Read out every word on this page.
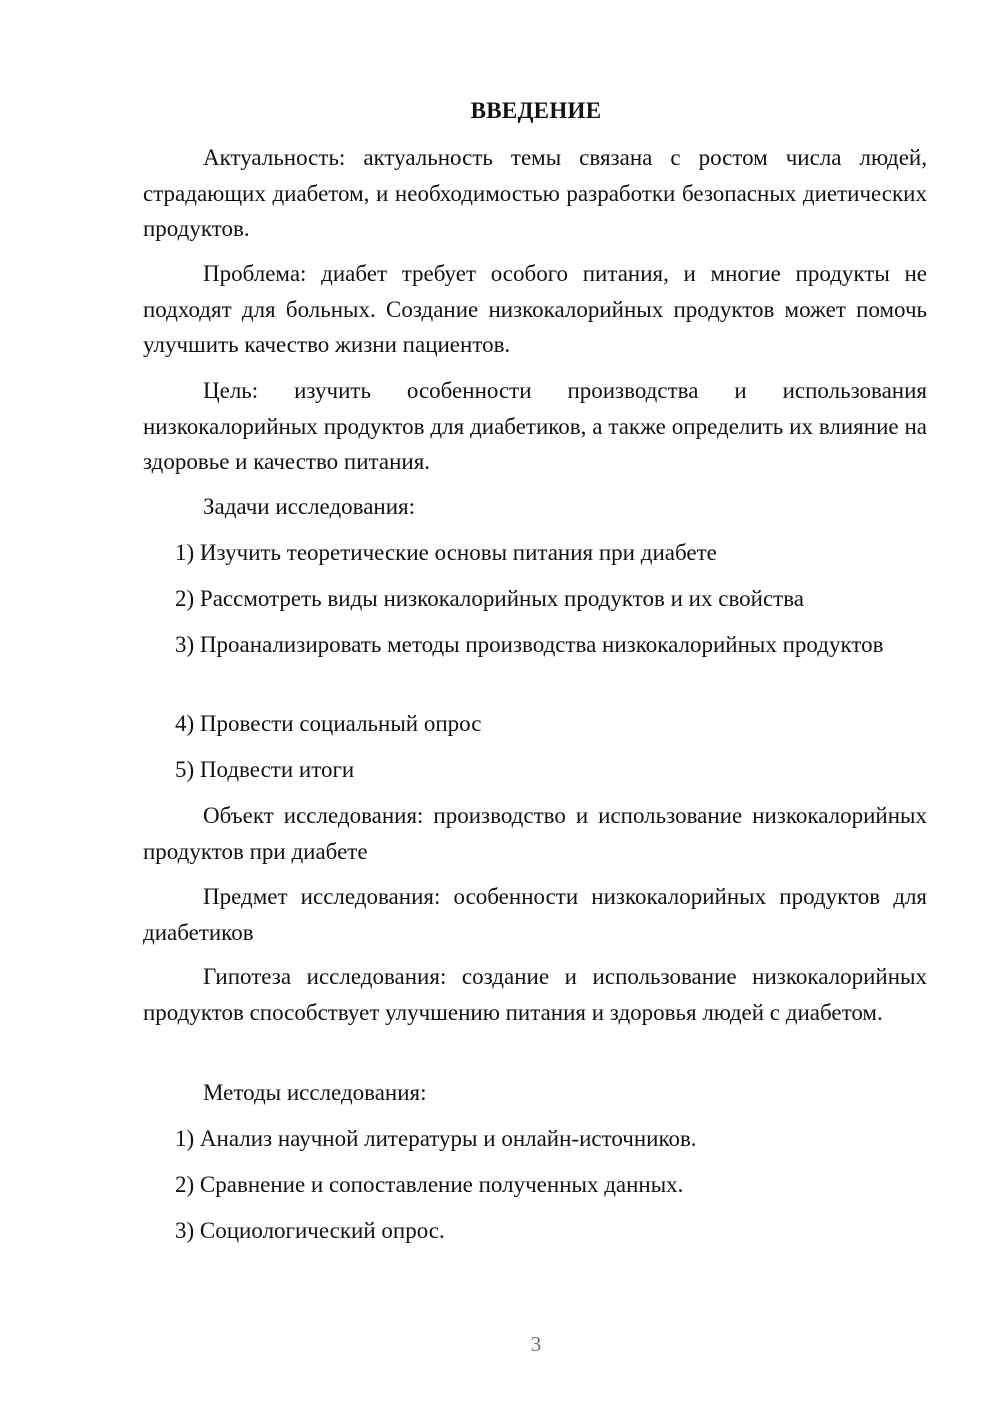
ВВЕДЕНИЕ

Актуальность: актуальность темы связана с ростом числа людей, страдающих диабетом, и необходимостью разработки безопасных диетических продуктов.

Проблема: диабет требует особого питания, и многие продукты не подходят для больных. Создание низкокалорийных продуктов может помочь улучшить качество жизни пациентов.

Цель: изучить особенности производства и использования низкокалорийных продуктов для диабетиков, а также определить их влияние на здоровье и качество питания.

Задачи исследования:

1) Изучить теоретические основы питания при диабете

2) Рассмотреть виды низкокалорийных продуктов и их свойства

3) Проанализировать методы производства низкокалорийных продуктов

4) Провести социальный опрос

5) Подвести итоги

Объект исследования: производство и использование низкокалорийных продуктов при диабете

Предмет исследования: особенности низкокалорийных продуктов для диабетиков

Гипотеза исследования: создание и использование низкокалорийных продуктов способствует улучшению питания и здоровья людей с диабетом.

Методы исследования:

1) Анализ научной литературы и онлайн-источников.

2) Сравнение и сопоставление полученных данных.

3) Социологический опрос.

3
